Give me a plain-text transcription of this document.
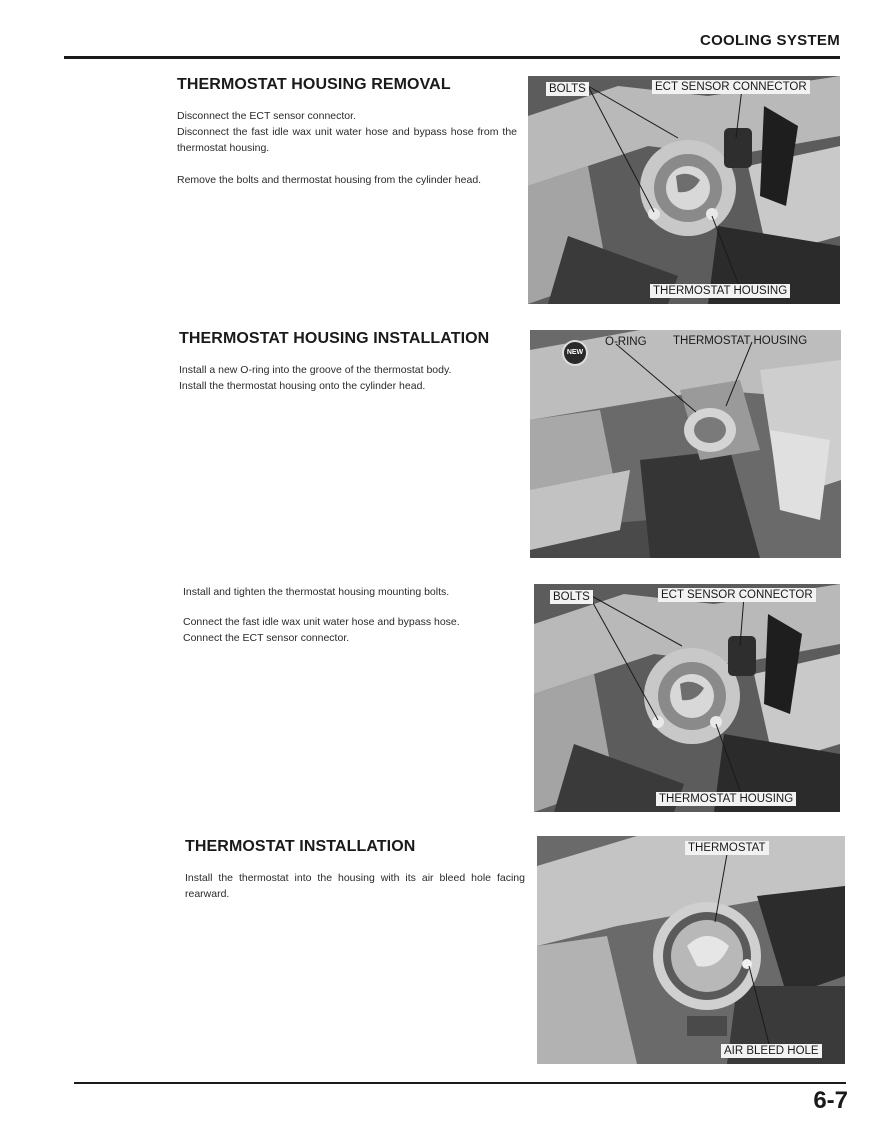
COOLING SYSTEM
THERMOSTAT HOUSING REMOVAL

Disconnect the ECT sensor connector.

Disconnect the fast idle wax unit water hose and bypass hose from the thermostat housing.

Remove the bolts and thermostat housing from the cylinder head.

THERMOSTAT HOUSING INSTALLATION

Install a new O-ring into the groove of the thermostat body.

Install the thermostat housing onto the cylinder head.

Install and tighten the thermostat housing mounting bolts.

Connect the fast idle wax unit water hose and bypass hose.

Connect the ECT sensor connector.

THERMOSTAT INSTALLATION

Install the thermostat into the housing with its air bleed hole facing rearward.

BOLTS	ECT SENSOR CONNECTOR
THERMOSTAT HOUSING
O-RING THERMOSTAT HOUSING
NEW
BOLTS	ECT SENSOR CONNECTOR
THERMOSTAT HOUSING
THERMOSTAT
AIR BLEED HOLE
6-7
